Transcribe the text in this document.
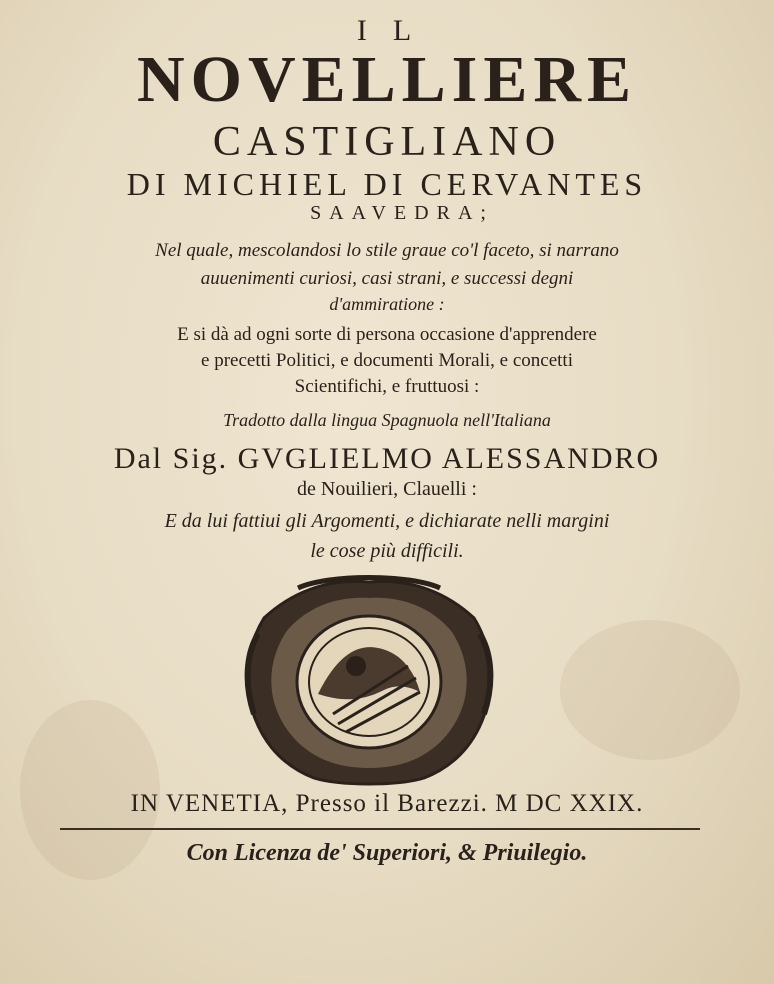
IL
NOVELLIERE
CASTIGLIANO
DI MICHIEL DI CERVANTES
SAAVEDRA;
Nel quale, mescolandosi lo stile graue co'l faceto, si narrano
auuenimenti curiosi, casi strani, e successi degni
d'ammiratione :
E si dà ad ogni sorte di persona occasione d'apprendere
e precetti Politici, e documenti Morali, e concetti
Scientifichi, e fruttuosi :
Tradotto dalla lingua Spagnuola nell'Italiana
Dal Sig. GVGLIELMO ALESSANDRO
de Nouilieri, Clauelli :
E da lui fattiui gli Argomenti, e dichiarate nelli margini
le cose più difficili.
IN VENETIA, Presso il Barezzi. M DC XXIX.
Con Licenza de' Superiori, & Priuilegio.
